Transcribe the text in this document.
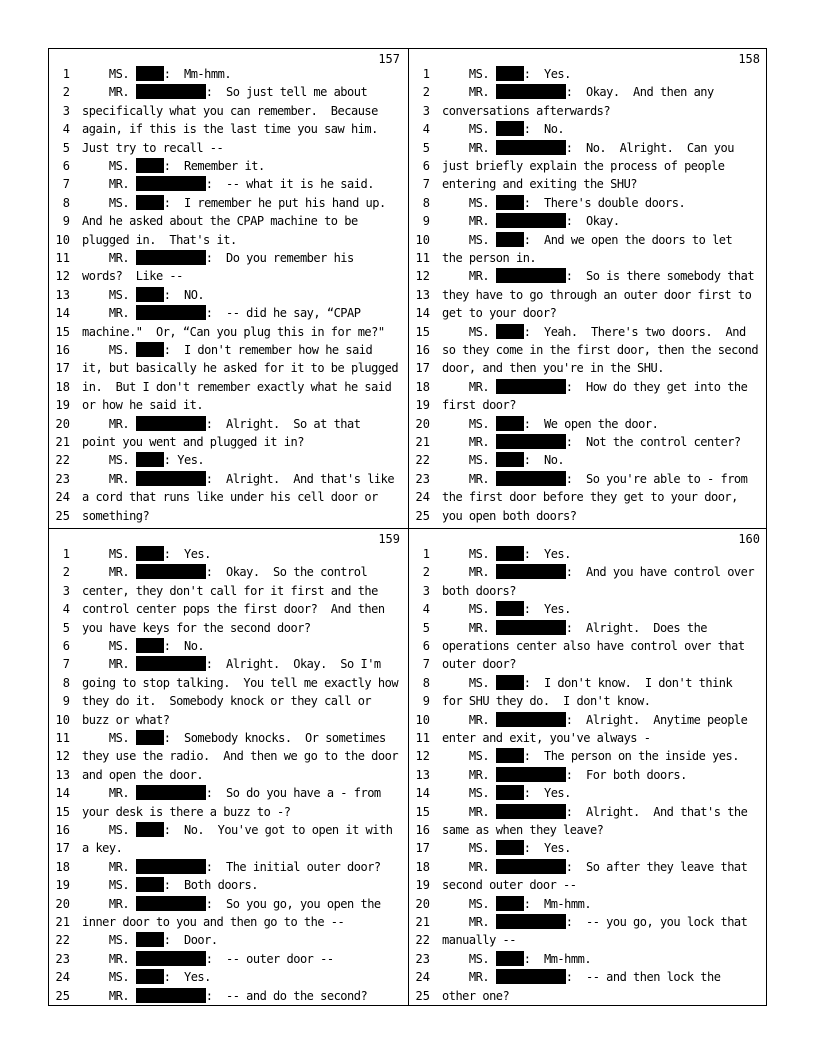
157
1 MS. :  Mm-hmm.
2 MR.	:  So just tell me about
3 specifically what you can remember.  Because
4 again, if this is the last time you saw him.
5 Just try to recall --
6 MS. :  Remember it.
7 MR.	:  -- what it is he said.
8 MS. :  I remember he put his hand up.
9 And he asked about the CPAP machine to be
10 plugged in.  That's it.
11 MR.	:  Do you remember his
12 words?  Like --
13 MS. :  NO.
14 MR.	:  -- did he say, “CPAP
15 machine."  Or, “Can you plug this in for me?"
16 MS. :  I don't remember how he said
17 it, but basically he asked for it to be plugged
18 in.  But I don't remember exactly what he said
19 or how he said it.
20 MR.	:  Alright.  So at that
21 point you went and plugged it in?
22 MS. : Yes.
23 MR.	:  Alright.  And that's like
24 a cord that runs like under his cell door or
25 something?
158
1 MS. :  Yes.
2 MR.	:  Okay.  And then any
3 conversations afterwards?
4 MS. :  No.
5 MR.	:  No.  Alright.  Can you
6 just briefly explain the process of people
7 entering and exiting the SHU?
8 MS. :  There's double doors.
9 MR.	:  Okay.
10 MS. :  And we open the doors to let
11 the person in.
12 MR.	:  So is there somebody that
13 they have to go through an outer door first to
14 get to your door?
15 MS. :  Yeah.  There's two doors.  And
16 so they come in the first door, then the second
17 door, and then you're in the SHU.
18 MR.	:  How do they get into the
19 first door?
20 MS. :  We open the door.
21 MR.	:  Not the control center?
22 MS. :  No.
23 MR.	:  So you're able to - from
24 the first door before they get to your door,
25 you open both doors?
159
1 MS. :  Yes.
2 MR.	:  Okay.  So the control
3 center, they don't call for it first and the
4 control center pops the first door?  And then
5 you have keys for the second door?
6 MS. :  No.
7 MR.	:  Alright.  Okay.  So I'm
8 going to stop talking.  You tell me exactly how
9 they do it.  Somebody knock or they call or
10 buzz or what?
11 MS. :  Somebody knocks.  Or sometimes
12 they use the radio.  And then we go to the door
13 and open the door.
14 MR.	:  So do you have a - from
15 your desk is there a buzz to -?
16 MS. :  No.  You've got to open it with
17 a key.
18 MR.	:  The initial outer door?
19 MS. :  Both doors.
20 MR.	:  So you go, you open the
21 inner door to you and then go to the --
22 MS. :  Door.
23 MR.	:  -- outer door --
24 MS. :  Yes.
25 MR.	:  -- and do the second?
160
1 MS. :  Yes.
2 MR.	:  And you have control over
3 both doors?
4 MS. :  Yes.
5 MR.	:  Alright.  Does the
6 operations center also have control over that
7 outer door?
8 MS. :  I don't know.  I don't think
9 for SHU they do.  I don't know.
10 MR.	:  Alright.  Anytime people
11 enter and exit, you've always -
12 MS. :  The person on the inside yes.
13 MR.	:  For both doors.
14 MS. :  Yes.
15 MR.	:  Alright.  And that's the
16 same as when they leave?
17 MS. :  Yes.
18 MR.	:  So after they leave that
19 second outer door --
20 MS. :  Mm-hmm.
21 MR.	:  -- you go, you lock that
22 manually --
23 MS. :  Mm-hmm.
24 MR.	:  -- and then lock the
25 other one?
